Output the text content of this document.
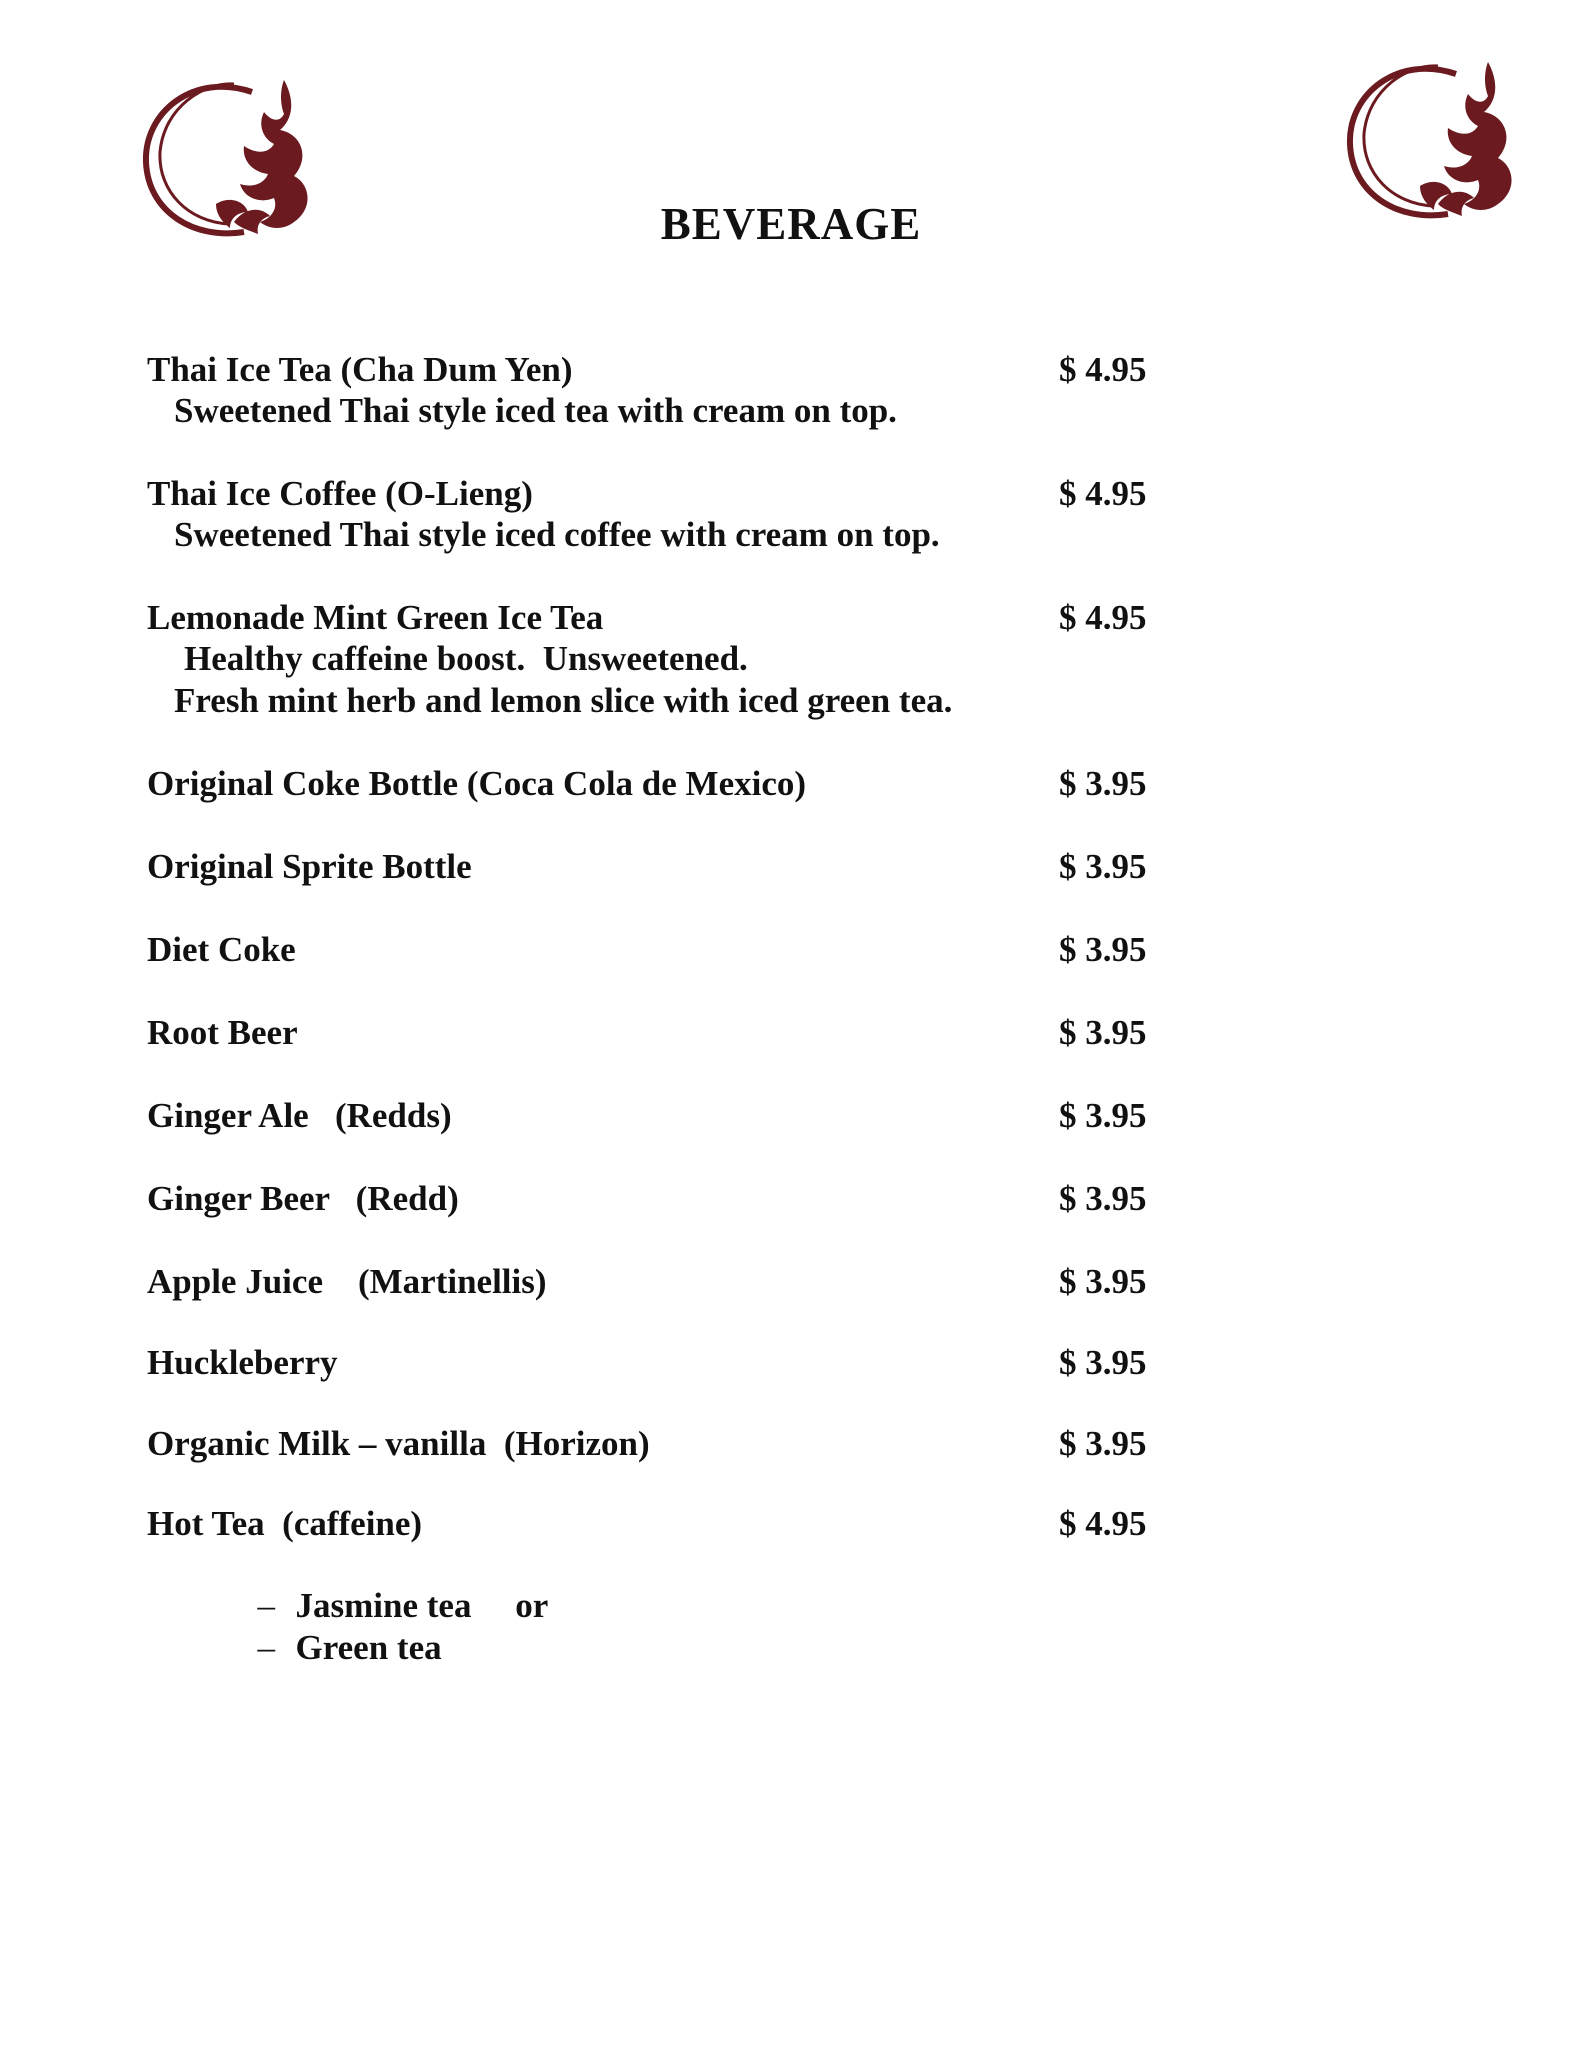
BEVERAGE
Thai Ice Tea (Cha Dum Yen)	$ 4.95
Sweetened Thai style iced tea with cream on top.
Thai Ice Coffee (O-Lieng)	$ 4.95
Sweetened Thai style iced coffee with cream on top.
Lemonade Mint Green Ice Tea	$ 4.95
Healthy caffeine boost.  Unsweetened.
Fresh mint herb and lemon slice with iced green tea.
Original Coke Bottle (Coca Cola de Mexico)	$ 3.95
Original Sprite Bottle	$ 3.95
Diet Coke	$ 3.95
Root Beer	$ 3.95
Ginger Ale   (Redds)	$ 3.95
Ginger Beer   (Redd)	$ 3.95
Apple Juice    (Martinellis)	$ 3.95
Huckleberry	$ 3.95
Organic Milk – vanilla  (Horizon)	$ 3.95
Hot Tea  (caffeine)	$ 4.95

– Jasmine tea     or

– Green tea
